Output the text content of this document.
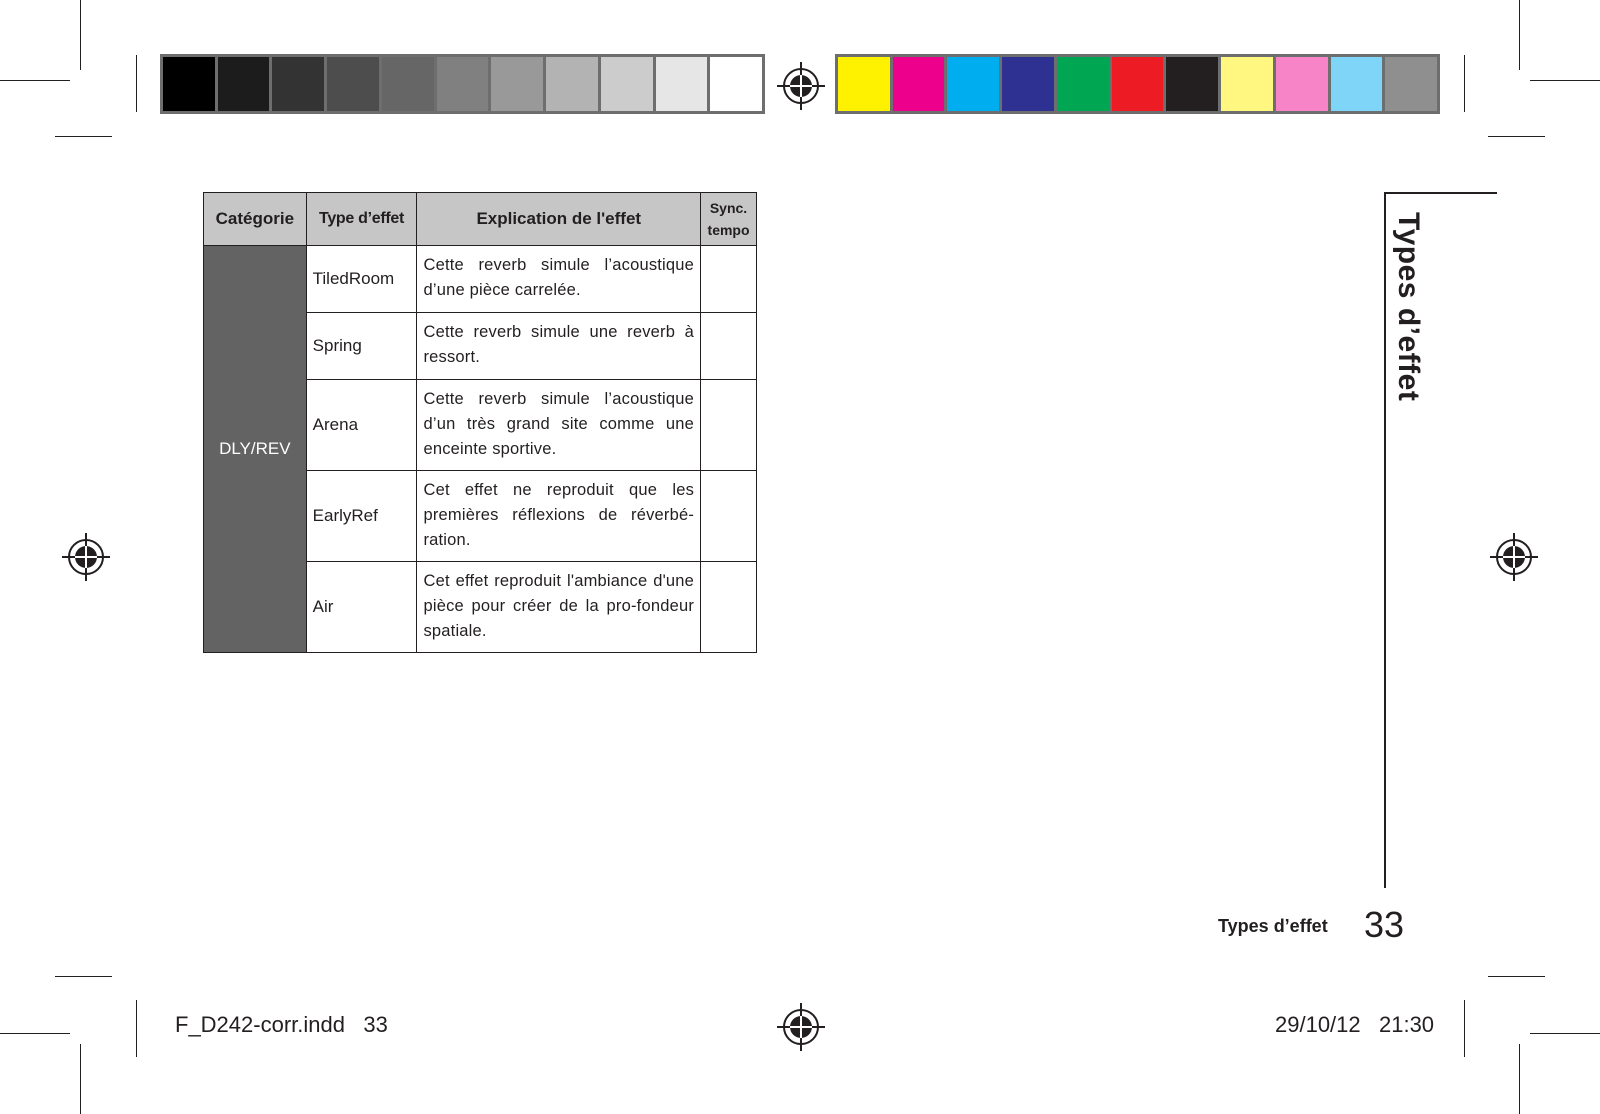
Catégorie	Type d’effet	Explication de l'effet	Sync.
tempo

DLY/REV	TiledRoom	Cette reverb simule l’acoustique d’une pièce carrelée.	
	Spring	Cette reverb simule une reverb à ressort.	
	Arena	Cette reverb simule l’acoustique d’un très grand site comme une enceinte sportive.	
	EarlyRef	Cet effet ne reproduit que les premières réflexions de réverbé-ration.	
	Air	Cet effet reproduit l'ambiance d'une pièce pour créer de la pro-fondeur spatiale.	
Types d’effet
Types d’effet 33
F_D242-corr.indd 33	29/10/12 21:30
